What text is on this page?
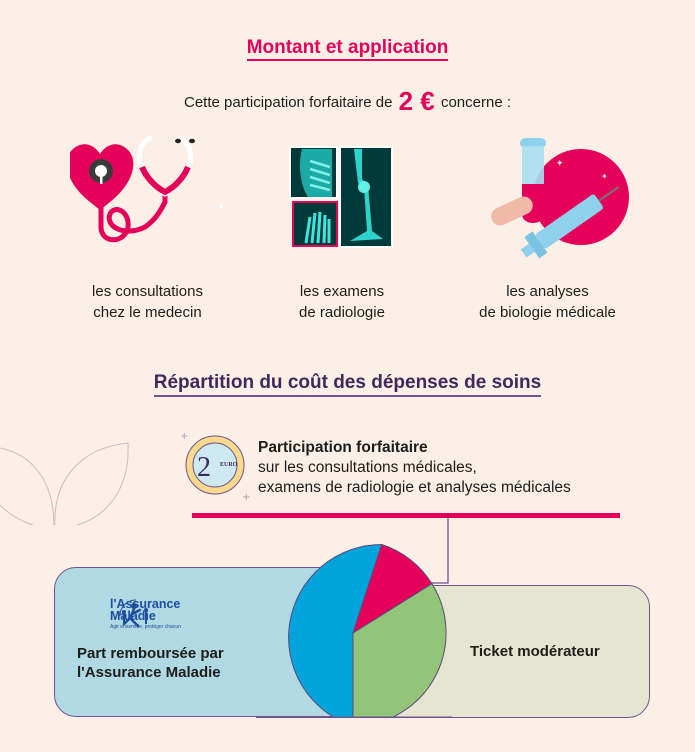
Montant et application
Cette participation forfaitaire de 2 € concerne :
✦
✦
✦
les consultations
chez le medecin
les examens
de radiologie
les analyses
de biologie médicale
Répartition du coût des dépenses de soins
+
+
2 EURO
Participation forfaitaire
sur les consultations médicales,
examens de radiologie et analyses médicales
l'Assurance
Maladie
Agir ensemble, protéger chacun
Part remboursée par
l'Assurance Maladie
Ticket modérateur
